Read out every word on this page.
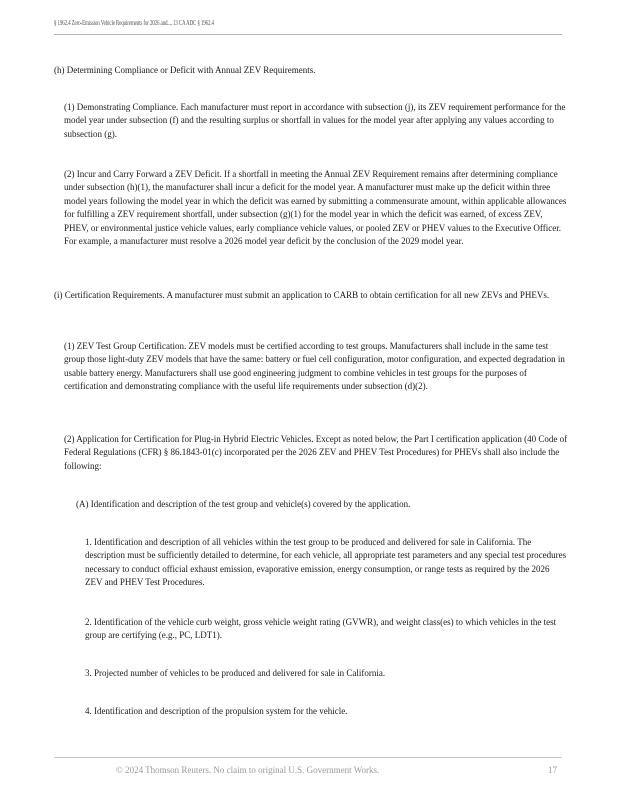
§ 1962.4 Zero-Emission Vehicle Requirements for 2026 and..., 13 CA ADC § 1962.4

(h) Determining Compliance or Deficit with Annual ZEV Requirements.

(1) Demonstrating Compliance. Each manufacturer must report in accordance with subsection (j), its ZEV requirement performance for the model year under subsection (f) and the resulting surplus or shortfall in values for the model year after applying any values according to subsection (g).

(2) Incur and Carry Forward a ZEV Deficit. If a shortfall in meeting the Annual ZEV Requirement remains after determining compliance under subsection (h)(1), the manufacturer shall incur a deficit for the model year. A manufacturer must make up the deficit within three model years following the model year in which the deficit was earned by submitting a commensurate amount, within applicable allowances for fulfilling a ZEV requirement shortfall, under subsection (g)(1) for the model year in which the deficit was earned, of excess ZEV, PHEV, or environmental justice vehicle values, early compliance vehicle values, or pooled ZEV or PHEV values to the Executive Officer. For example, a manufacturer must resolve a 2026 model year deficit by the conclusion of the 2029 model year.

(i) Certification Requirements. A manufacturer must submit an application to CARB to obtain certification for all new ZEVs and PHEVs.

(1) ZEV Test Group Certification. ZEV models must be certified according to test groups. Manufacturers shall include in the same test group those light-duty ZEV models that have the same: battery or fuel cell configuration, motor configuration, and expected degradation in usable battery energy. Manufacturers shall use good engineering judgment to combine vehicles in test groups for the purposes of certification and demonstrating compliance with the useful life requirements under subsection (d)(2).

(2) Application for Certification for Plug-in Hybrid Electric Vehicles. Except as noted below, the Part I certification application (40 Code of Federal Regulations (CFR) § 86.1843-01(c) incorporated per the 2026 ZEV and PHEV Test Procedures) for PHEVs shall also include the following:

(A) Identification and description of the test group and vehicle(s) covered by the application.

1. Identification and description of all vehicles within the test group to be produced and delivered for sale in California. The description must be sufficiently detailed to determine, for each vehicle, all appropriate test parameters and any special test procedures necessary to conduct official exhaust emission, evaporative emission, energy consumption, or range tests as required by the 2026 ZEV and PHEV Test Procedures.

2. Identification of the vehicle curb weight, gross vehicle weight rating (GVWR), and weight class(es) to which vehicles in the test group are certifying (e.g., PC, LDT1).

3. Projected number of vehicles to be produced and delivered for sale in California.

4. Identification and description of the propulsion system for the vehicle.

© 2024 Thomson Reuters. No claim to original U.S. Government Works.	17
